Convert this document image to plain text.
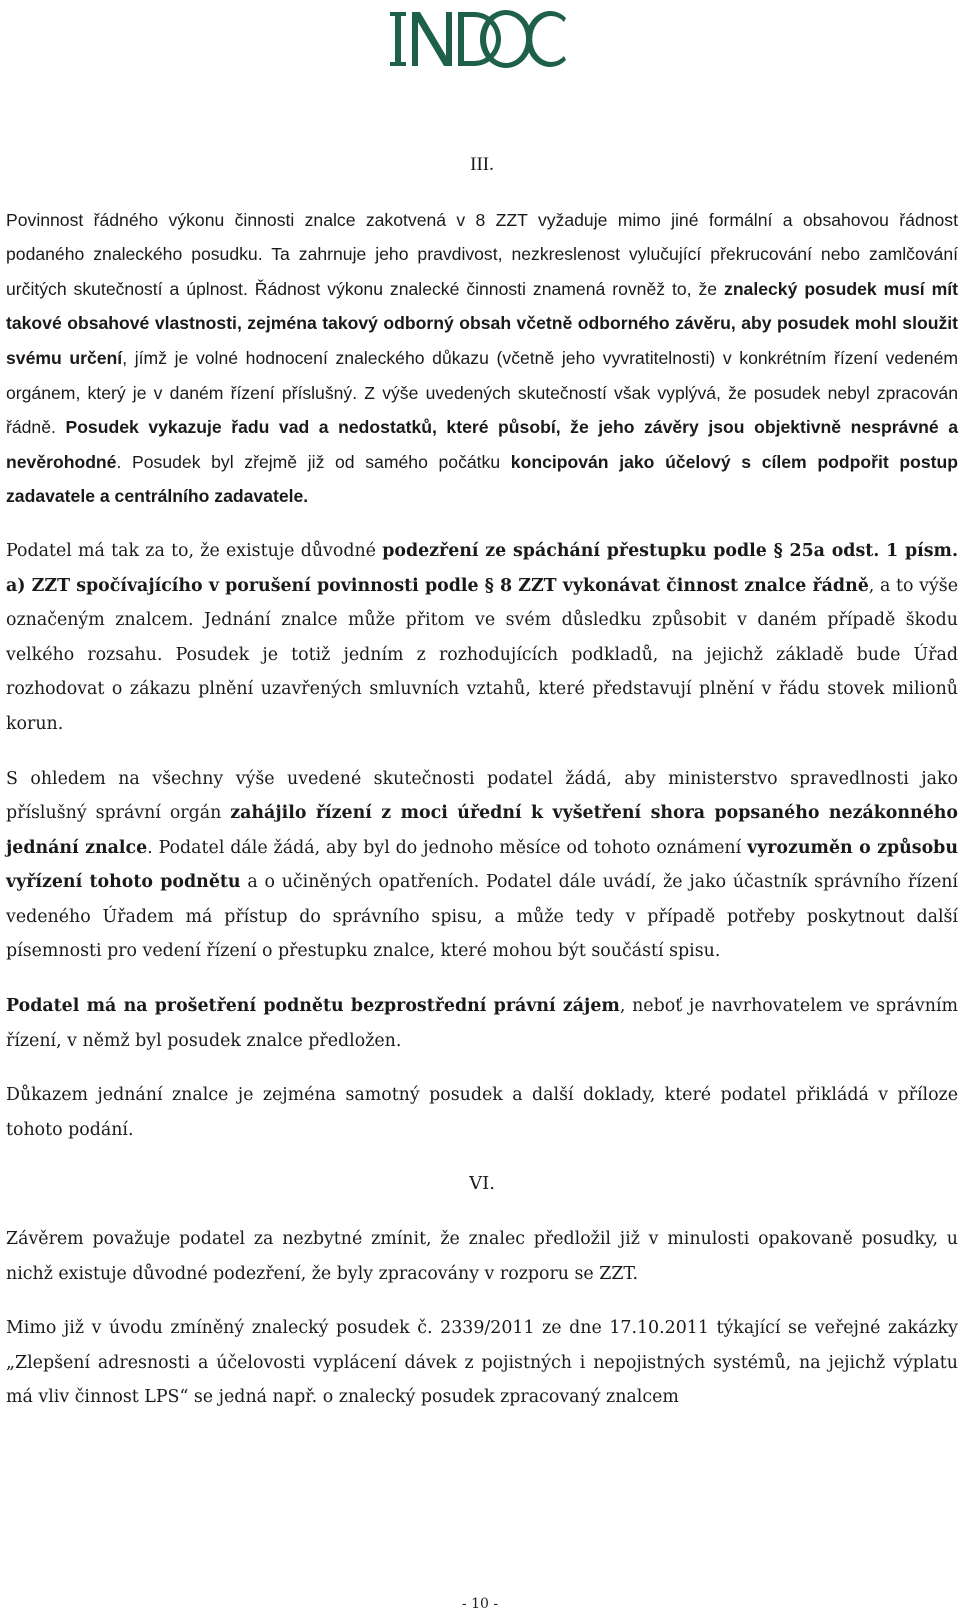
III.
Povinnost řádného výkonu činnosti znalce zakotvená v 8 ZZT vyžaduje mimo jiné formální a obsahovou řádnost podaného znaleckého posudku. Ta zahrnuje jeho pravdivost, nezkreslenost vylučující překrucování nebo zamlčování určitých skutečností a úplnost. Řádnost výkonu znalecké činnosti znamená rovněž to, že znalecký posudek musí mít takové obsahové vlastnosti, zejména takový odborný obsah včetně odborného závěru, aby posudek mohl sloužit svému určení, jímž je volné hodnocení znaleckého důkazu (včetně jeho vyvratitelnosti) v konkrétním řízení vedeném orgánem, který je v daném řízení příslušný. Z výše uvedených skutečností však vyplývá, že posudek nebyl zpracován řádně. Posudek vykazuje řadu vad a nedostatků, které působí, že jeho závěry jsou objektivně nesprávné a nevěrohodné. Posudek byl zřejmě již od samého počátku koncipován jako účelový s cílem podpořit postup zadavatele a centrálního zadavatele.
Podatel má tak za to, že existuje důvodné podezření ze spáchání přestupku podle § 25a odst. 1 písm. a) ZZT spočívajícího v porušení povinnosti podle § 8 ZZT vykonávat činnost znalce řádně, a to výše označeným znalcem. Jednání znalce může přitom ve svém důsledku způsobit v daném případě škodu velkého rozsahu. Posudek je totiž jedním z rozhodujících podkladů, na jejichž základě bude Úřad rozhodovat o zákazu plnění uzavřených smluvních vztahů, které představují plnění v řádu stovek milionů korun.
S ohledem na všechny výše uvedené skutečnosti podatel žádá, aby ministerstvo spravedlnosti jako příslušný správní orgán zahájilo řízení z moci úřední k vyšetření shora popsaného nezákonného jednání znalce. Podatel dále žádá, aby byl do jednoho měsíce od tohoto oznámení vyrozuměn o způsobu vyřízení tohoto podnětu a o učiněných opatřeních. Podatel dále uvádí, že jako účastník správního řízení vedeného Úřadem má přístup do správního spisu, a může tedy v případě potřeby poskytnout další písemnosti pro vedení řízení o přestupku znalce, které mohou být součástí spisu.
Podatel má na prošetření podnětu bezprostřední právní zájem, neboť je navrhovatelem ve správním řízení, v němž byl posudek znalce předložen.
Důkazem jednání znalce je zejména samotný posudek a další doklady, které podatel přikládá v příloze tohoto podání.
VI.
Závěrem považuje podatel za nezbytné zmínit, že znalec předložil již v minulosti opakovaně posudky, u nichž existuje důvodné podezření, že byly zpracovány v rozporu se ZZT.
Mimo již v úvodu zmíněný znalecký posudek č. 2339/2011 ze dne 17.10.2011 týkající se veřejné zakázky „Zlepšení adresnosti a účelovosti vyplácení dávek z pojistných i nepojistných systémů, na jejichž výplatu má vliv činnost LPS“ se jedná např. o znalecký posudek zpracovaný znalcem
- 10 -
